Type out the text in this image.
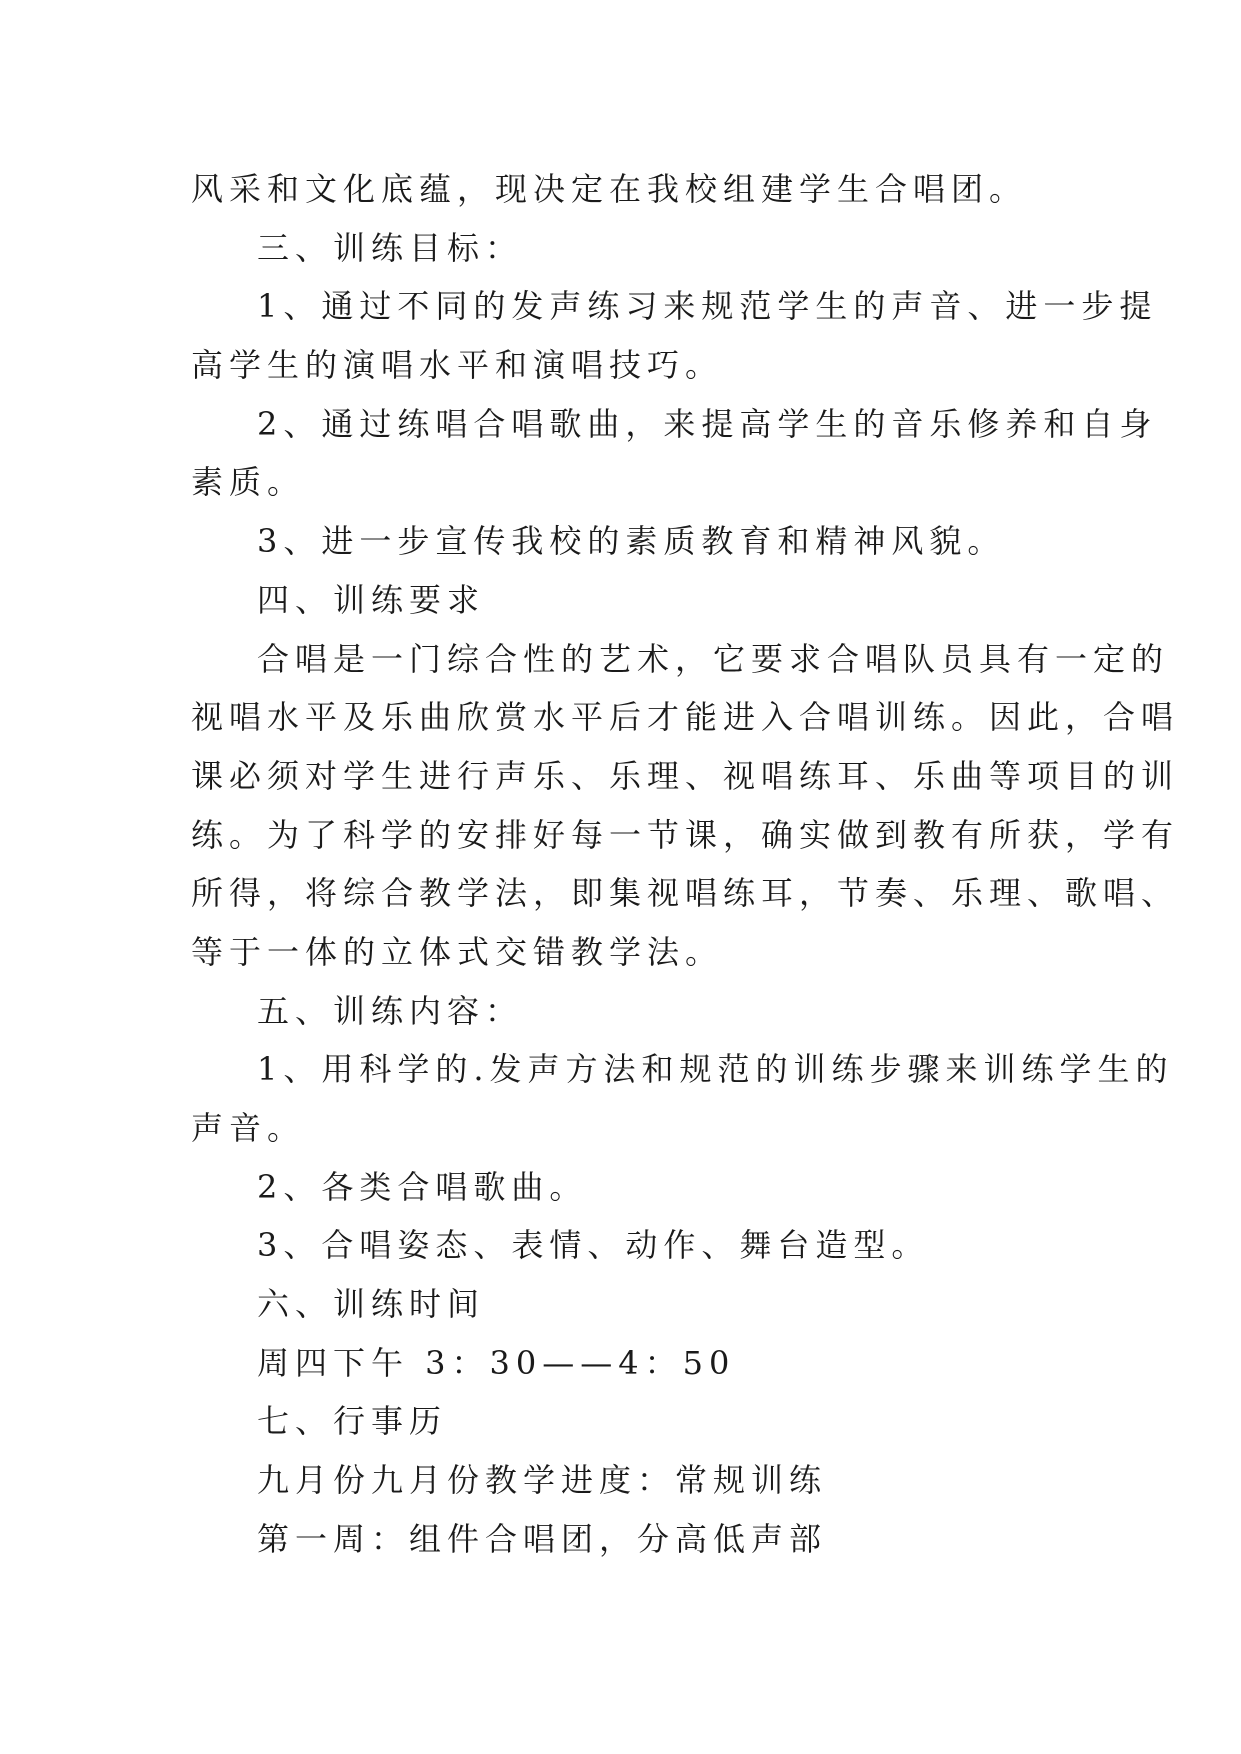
风采和文化底蕴，现决定在我校组建学生合唱团。
三、训练目标：
1、通过不同的发声练习来规范学生的声音、进一步提
高学生的演唱水平和演唱技巧。
2、通过练唱合唱歌曲，来提高学生的音乐修养和自身
素质。
3、进一步宣传我校的素质教育和精神风貌。
四、训练要求
合唱是一门综合性的艺术，它要求合唱队员具有一定的
视唱水平及乐曲欣赏水平后才能进入合唱训练。因此，合唱
课必须对学生进行声乐、乐理、视唱练耳、乐曲等项目的训
练。为了科学的安排好每一节课，确实做到教有所获，学有
所得，将综合教学法，即集视唱练耳，节奏、乐理、歌唱、
等于一体的立体式交错教学法。
五、训练内容：
1、用科学的.发声方法和规范的训练步骤来训练学生的
声音。
2、各类合唱歌曲。
3、合唱姿态、表情、动作、舞台造型。
六、训练时间
周四下午 3：30——4：50
七、行事历
九月份九月份教学进度：常规训练
第一周：组件合唱团，分高低声部
